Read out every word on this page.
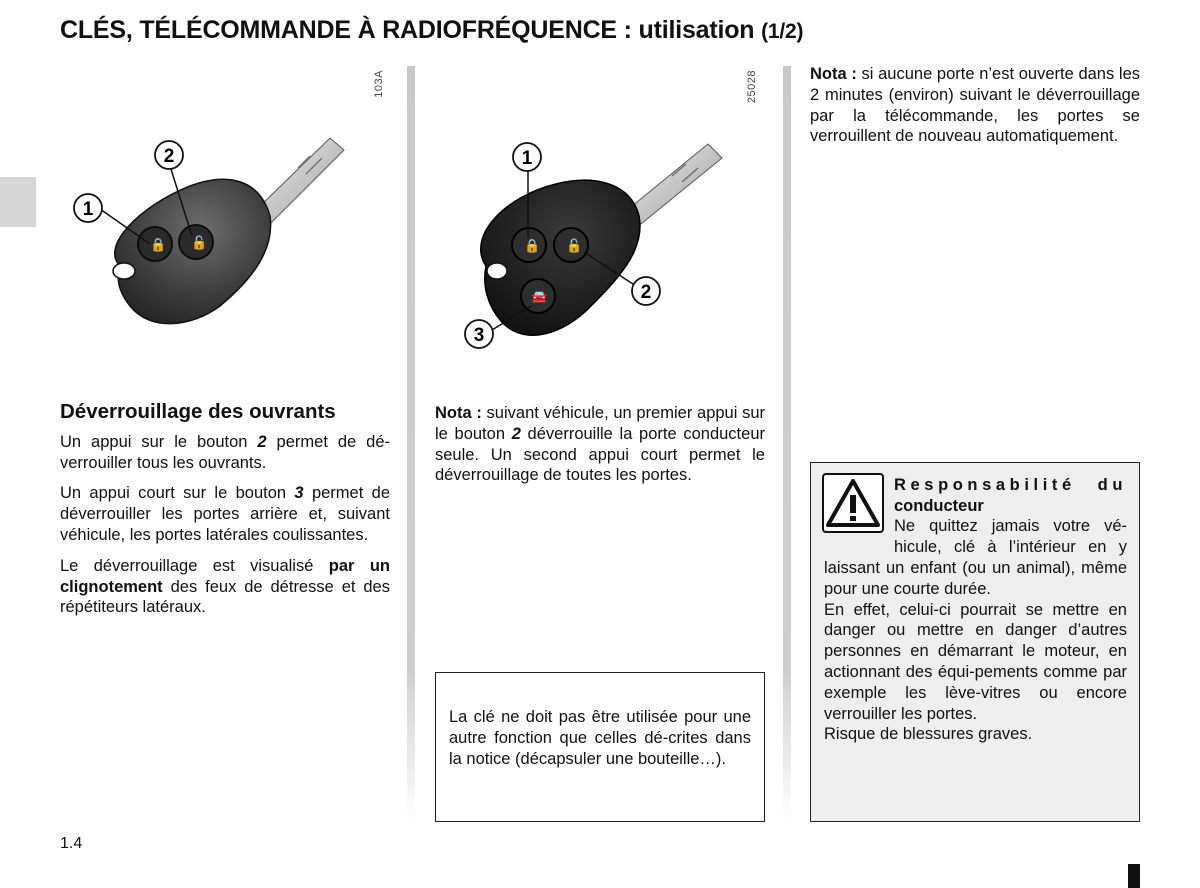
CLÉS, TÉLÉCOMMANDE À RADIOFRÉQUENCE : utilisation (1/2)
🔒 🔓
1
2
103A
🔒 🔓
🚘
1
2
3
25028
Déverrouillage des ouvrants

Un appui sur le bouton 2 permet de dé-verrouiller tous les ouvrants.

Un appui court sur le bouton 3 permet de déverrouiller les portes arrière et, suivant véhicule, les portes latérales coulissantes.

Le déverrouillage est visualisé par un clignotement des feux de détresse et des répétiteurs latéraux.

Nota : suivant véhicule, un premier appui sur le bouton 2 déverrouille la porte conducteur seule. Un second appui court permet le déverrouillage de toutes les portes.
La clé ne doit pas être utilisée pour une autre fonction que celles dé-crites dans la notice (décapsuler une bouteille…).
Nota : si aucune porte n’est ouverte dans les 2 minutes (environ) suivant le déverrouillage par la télécommande, les portes se verrouillent de nouveau automatiquement.
Responsabilité du
conducteur
Ne quittez jamais votre vé-
hicule, clé à l’intérieur en y
laissant un enfant (ou un animal), même pour une courte durée.
En effet, celui-ci pourrait se mettre en danger ou mettre en danger d’autres personnes en démarrant le moteur, en actionnant des équi-pements comme par exemple les lève-vitres ou encore verrouiller les portes.
Risque de blessures graves.
1.4
